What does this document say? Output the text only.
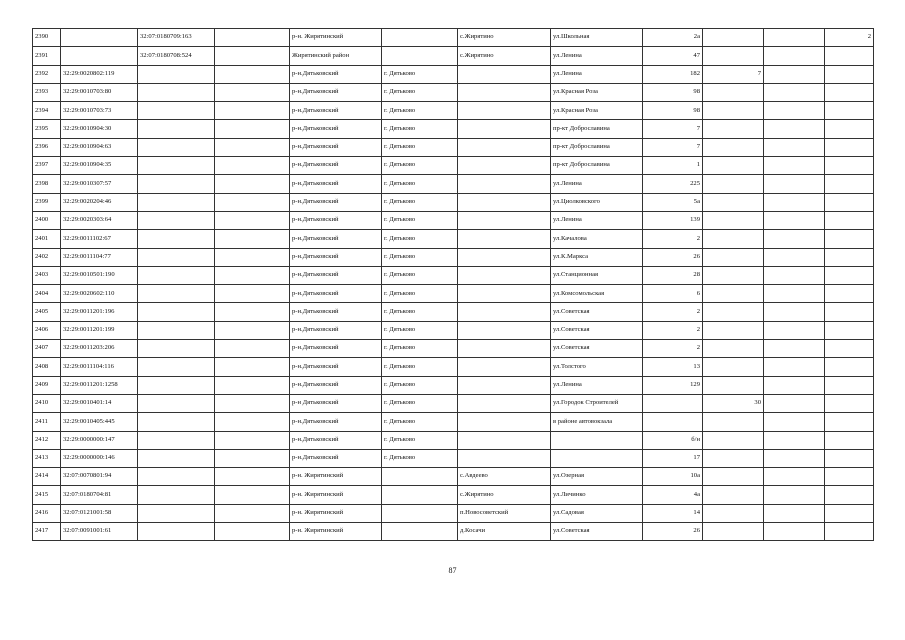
2390		32:07:0180709:163		р-н. Жирятинский		с.Жирятино	ул.Школьная	2а			2
2391		32:07:0180708:524		Жирятинский район		с.Жирятино	ул.Ленина	47			
2392	32:29:0020802:119			р-н.Дятьковский	г. Дятьково		ул.Ленина	182	7		
2393	32:29:0010703:80			р-н.Дятьковский	г. Дятьково		ул.Красная Роза	98			
2394	32:29:0010703:73			р-н.Дятьковский	г. Дятьково		ул.Красная Роза	98			
2395	32:29:0010904:30			р-н.Дятьковский	г. Дятьково		пр-кт Доброславина	7			
2396	32:29:0010904:63			р-н.Дятьковский	г. Дятьково		пр-кт Доброславина	7			
2397	32:29:0010904:35			р-н.Дятьковский	г. Дятьково		пр-кт Доброславина	1			
2398	32:29:0010307:57			р-н.Дятьковский	г. Дятьково		ул.Ленина	225			
2399	32:29:0020204:46			р-н.Дятьковский	г. Дятьково		ул.Циолковского	5а			
2400	32:29:0020303:64			р-н.Дятьковский	г. Дятьково		ул.Ленина	139			
2401	32:29:0011102:67			р-н.Дятьковский	г. Дятьково		ул.Качалова	2			
2402	32:29:0011104:77			р-н.Дятьковский	г. Дятьково		ул.К.Маркса	26			
2403	32:29:0010501:190			р-н.Дятьковский	г. Дятьково		ул.Станционная	28			
2404	32:29:0020602:110			р-н.Дятьковский	г. Дятьково		ул.Комсомольская	6			
2405	32:29:0011201:196			р-н.Дятьковский	г. Дятьково		ул.Советская	2			
2406	32:29:0011201:199			р-н.Дятьковский	г. Дятьково		ул.Советская	2			
2407	32:29:0011203:206			р-н.Дятьковский	г. Дятьково		ул.Советская	2			
2408	32:29:0011104:116			р-н.Дятьковский	г. Дятьково		ул.Толстого	13			
2409	32:29:0011201:1258			р-н.Дятьковский	г. Дятьково		ул.Ленина	129			
2410	32:29:0010401:14			р-н Дятьковский	г. Дятьково		ул.Городок Строителей		30		
2411	32:29:0010405:445			р-н.Дятьковский	г. Дятьково		в районе автовокзала				
2412	32:29:0000000:147			р-н.Дятьковский	г. Дятьково			б/н			
2413	32:29:0000000:146			р-н.Дятьковский	г. Дятьково			17			
2414	32:07:0070801:94			р-н. Жирятинский		с.Авдеево	ул.Озерная	10а			
2415	32:07:0180704:81			р-н. Жирятинский		с.Жирятино	ул.Личинко	4а			
2416	32:07:0121001:58			р-н. Жирятинский		п.Новосоветский	ул.Садовая	14			
2417	32:07:0091001:61			р-н. Жирятинский		д.Косачи	ул.Советская	26			
87
